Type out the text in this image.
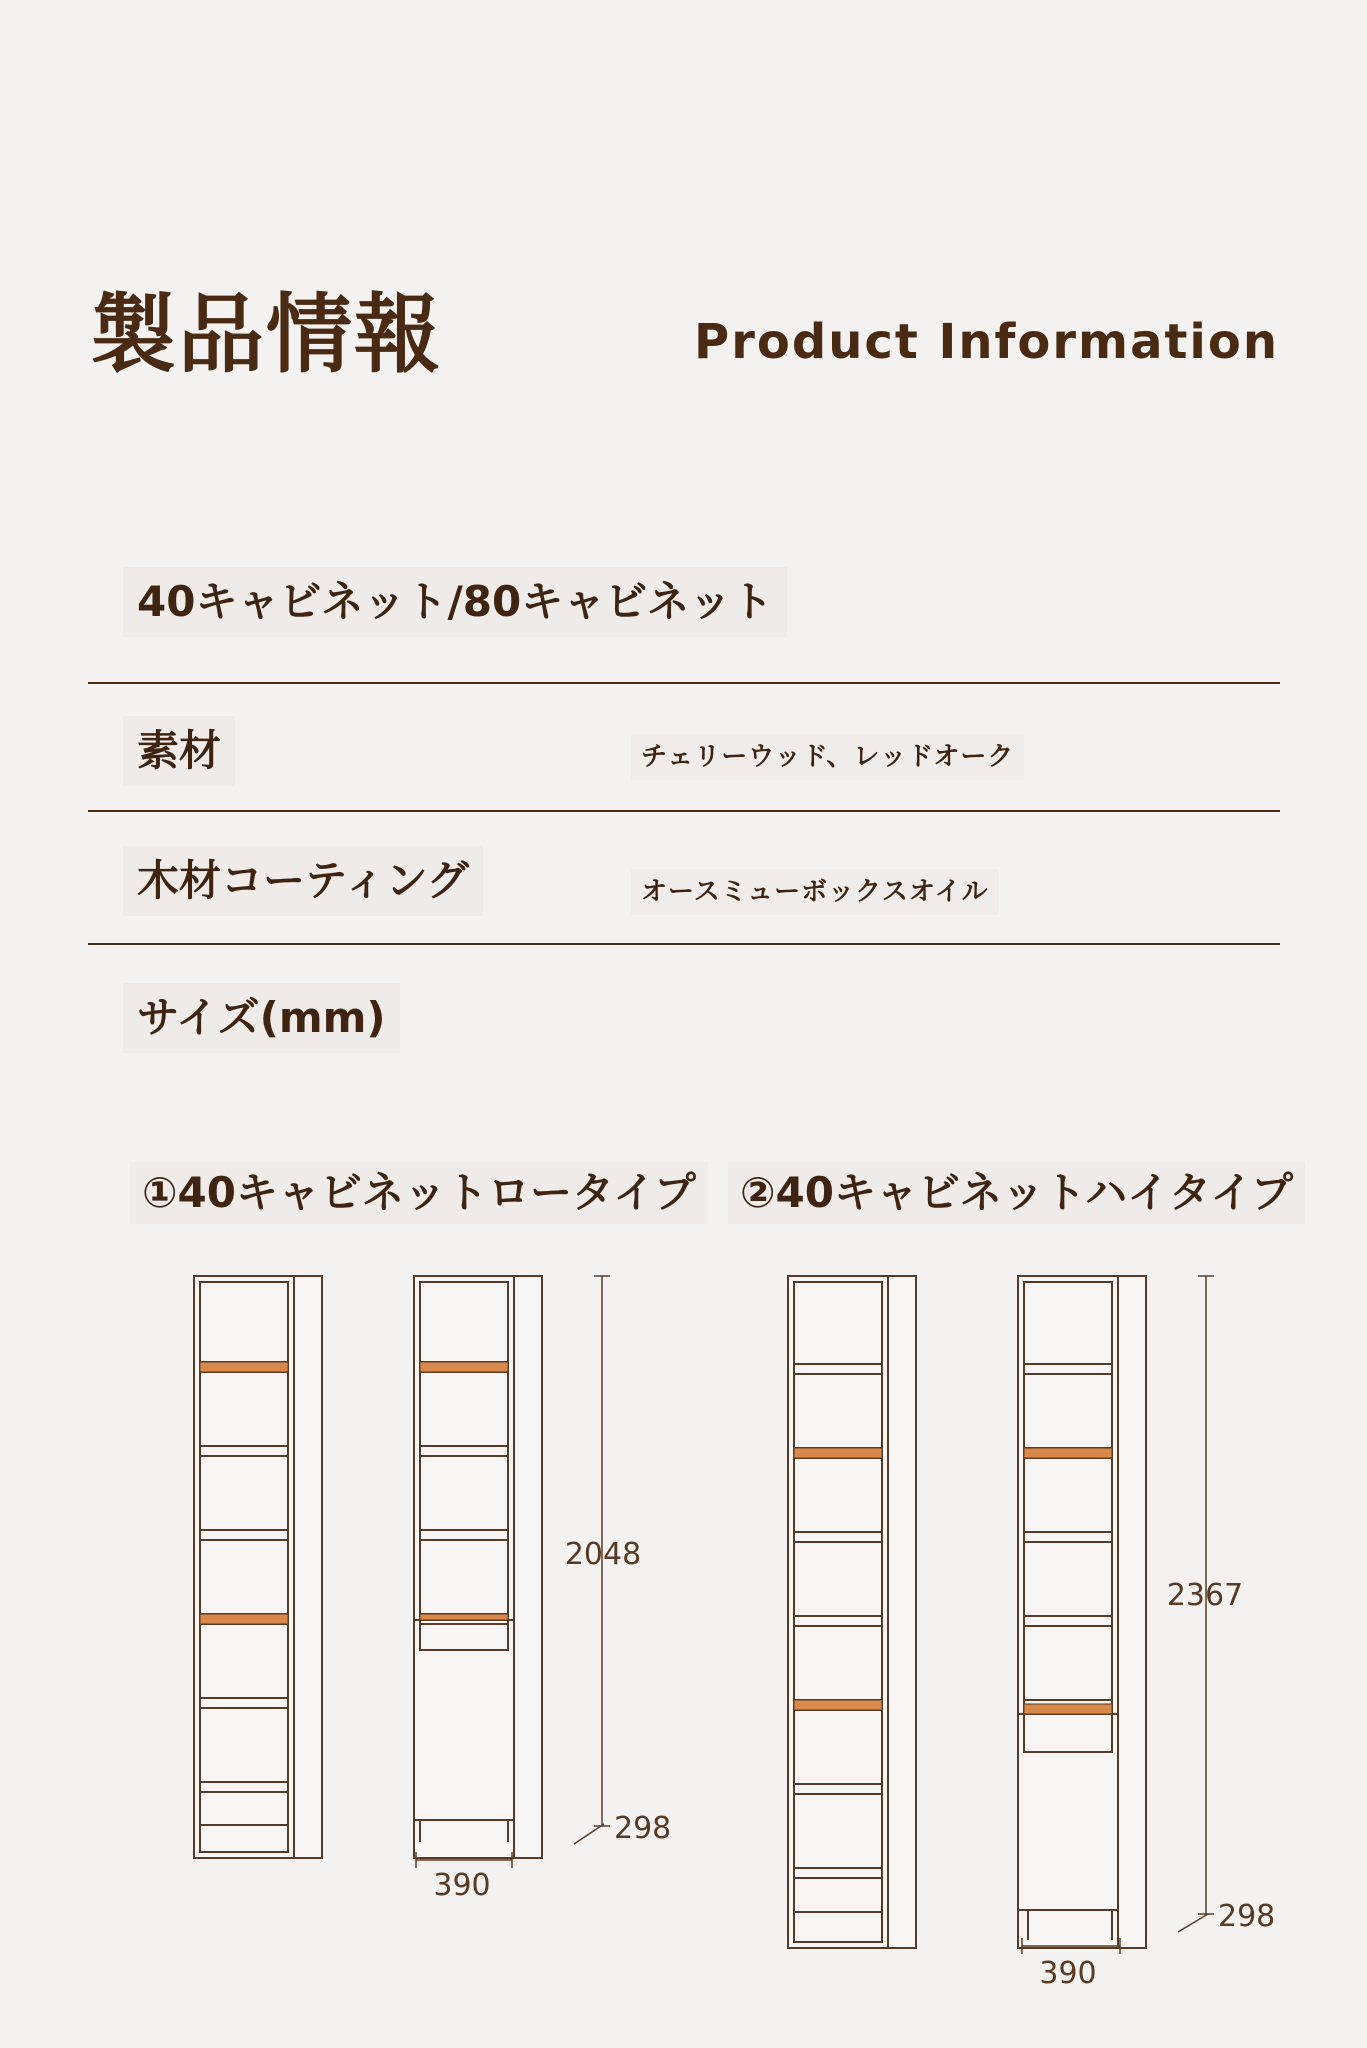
製品情報	Product Information
40キャビネット/80キャビネット
素材	チェリーウッド、レッドオーク
木材コーティング	オースミューボックスオイル
サイズ(mm)
①40キャビネットロータイプ ②40キャビネットハイタイプ
2048
298
390
2367
298
390
